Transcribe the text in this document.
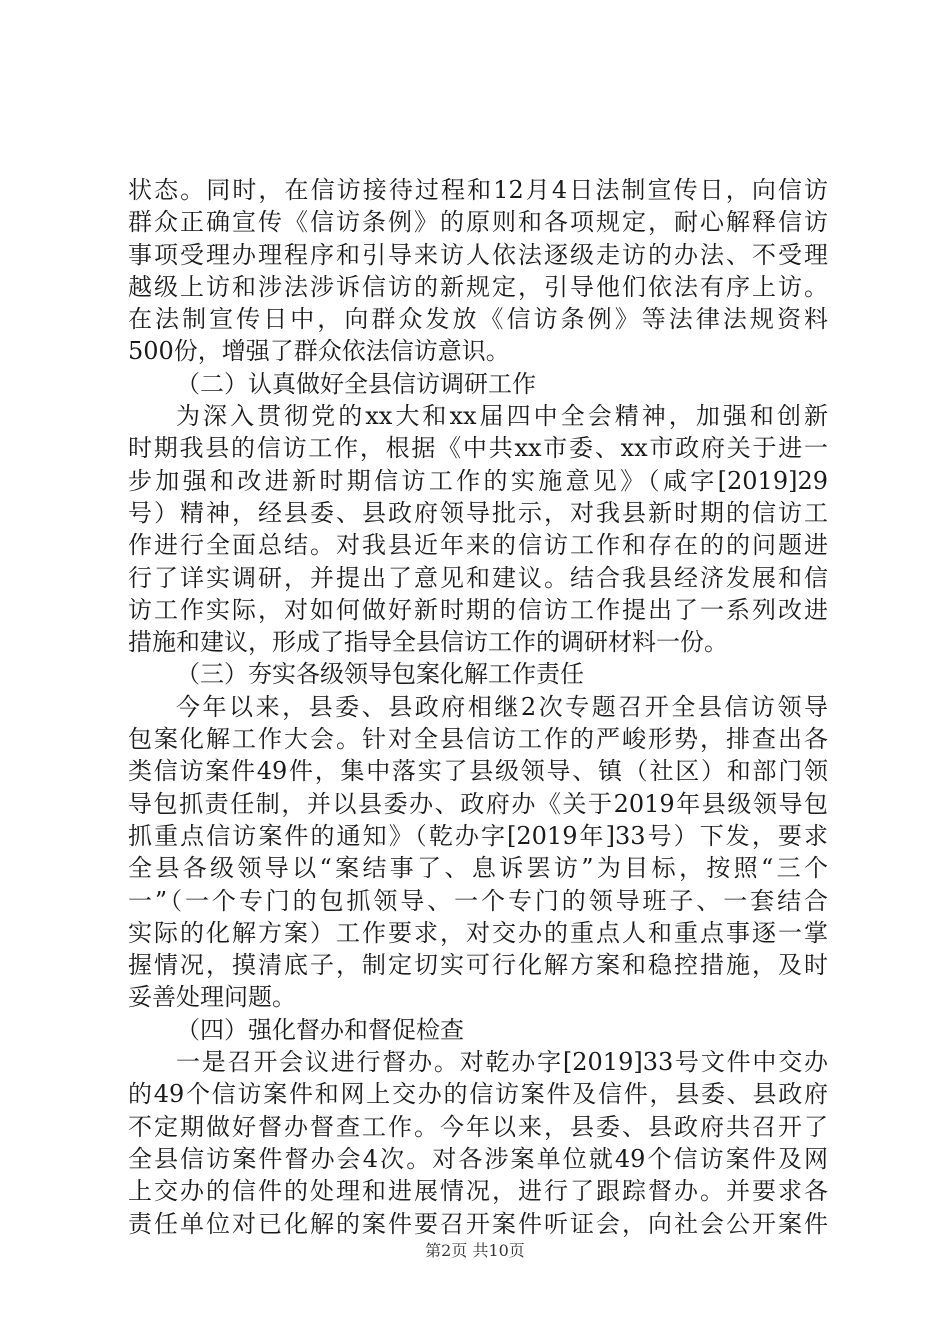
状态。同时，在信访接待过程和12月4日法制宣传日，向信访
群众正确宣传《信访条例》的原则和各项规定，耐心解释信访
事项受理办理程序和引导来访人依法逐级走访的办法、不受理
越级上访和涉法涉诉信访的新规定，引导他们依法有序上访。
在法制宣传日中，向群众发放《信访条例》等法律法规资料
500份，增强了群众依法信访意识。
（二）认真做好全县信访调研工作
为深入贯彻党的xx大和xx届四中全会精神，加强和创新
时期我县的信访工作，根据《中共xx市委、xx市政府关于进一
步加强和改进新时期信访工作的实施意见》（咸字[2019]29
号）精神，经县委、县政府领导批示，对我县新时期的信访工
作进行全面总结。对我县近年来的信访工作和存在的的问题进
行了详实调研，并提出了意见和建议。结合我县经济发展和信
访工作实际，对如何做好新时期的信访工作提出了一系列改进
措施和建议，形成了指导全县信访工作的调研材料一份。
（三）夯实各级领导包案化解工作责任
今年以来，县委、县政府相继2次专题召开全县信访领导
包案化解工作大会。针对全县信访工作的严峻形势，排查出各
类信访案件49件，集中落实了县级领导、镇（社区）和部门领
导包抓责任制，并以县委办、政府办《关于2019年县级领导包
抓重点信访案件的通知》（乾办字[2019年]33号）下发，要求
全县各级领导以“案结事了、息诉罢访”为目标，按照“三个
一”（一个专门的包抓领导、一个专门的领导班子、一套结合
实际的化解方案）工作要求，对交办的重点人和重点事逐一掌
握情况，摸清底子，制定切实可行化解方案和稳控措施，及时
妥善处理问题。
（四）强化督办和督促检查
一是召开会议进行督办。对乾办字[2019]33号文件中交办
的49个信访案件和网上交办的信访案件及信件，县委、县政府
不定期做好督办督查工作。今年以来，县委、县政府共召开了
全县信访案件督办会4次。对各涉案单位就49个信访案件及网
上交办的信件的处理和进展情况，进行了跟踪督办。并要求各
责任单位对已化解的案件要召开案件听证会，向社会公开案件
第2页 共10页
